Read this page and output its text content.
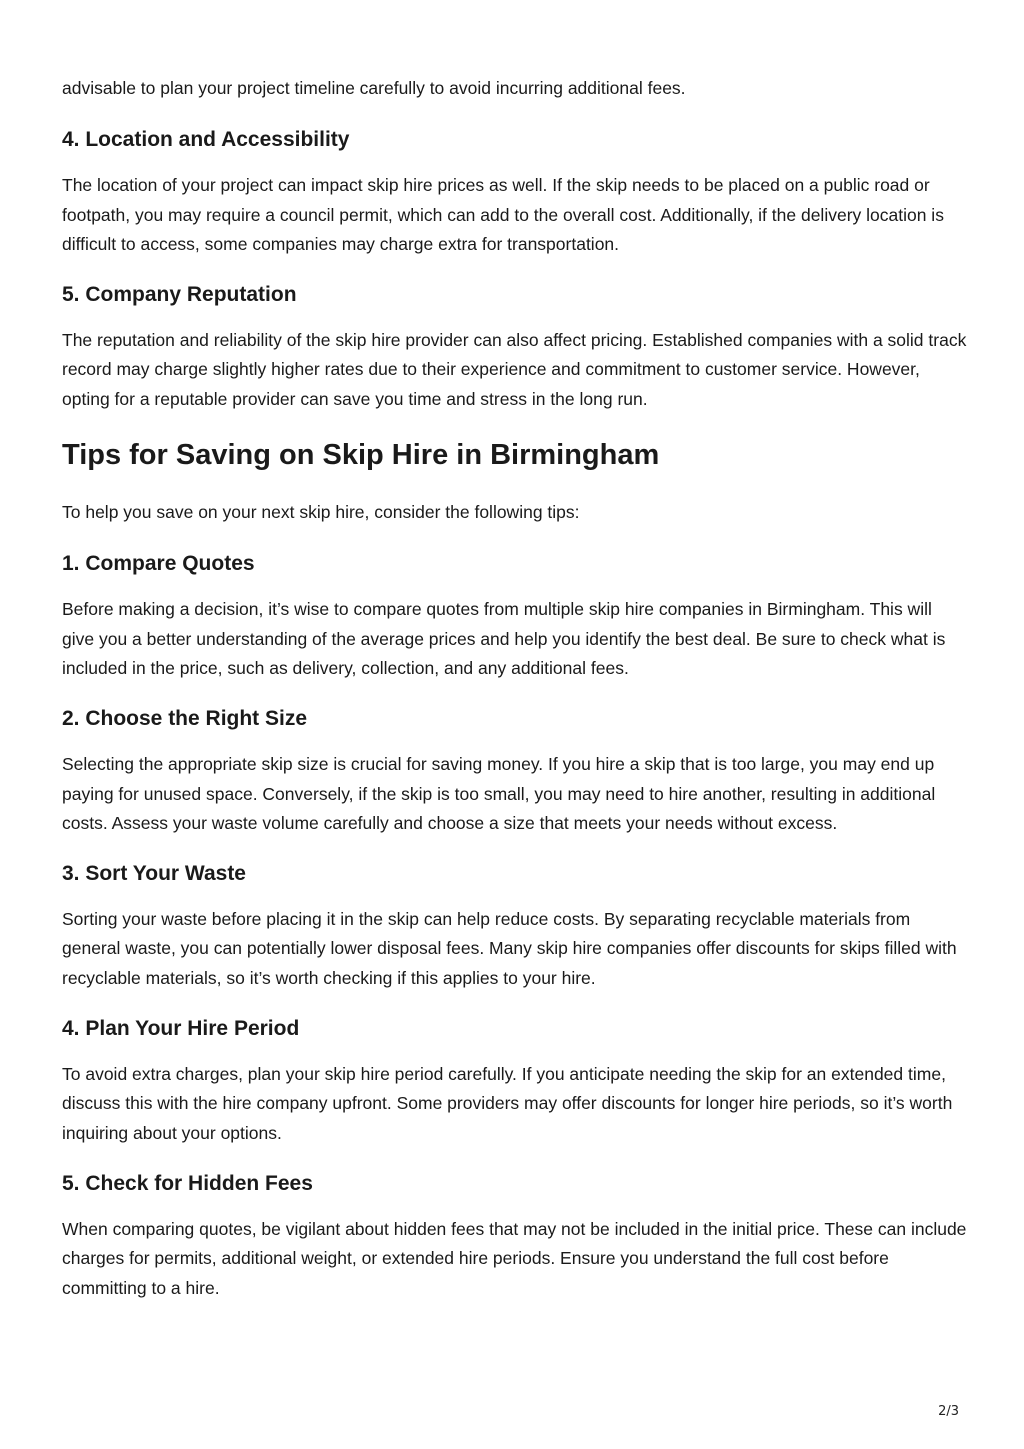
advisable to plan your project timeline carefully to avoid incurring additional fees.

4. Location and Accessibility

The location of your project can impact skip hire prices as well. If the skip needs to be placed on a public road or footpath, you may require a council permit, which can add to the overall cost. Additionally, if the delivery location is difficult to access, some companies may charge extra for transportation.

5. Company Reputation

The reputation and reliability of the skip hire provider can also affect pricing. Established companies with a solid track record may charge slightly higher rates due to their experience and commitment to customer service. However, opting for a reputable provider can save you time and stress in the long run.

Tips for Saving on Skip Hire in Birmingham

To help you save on your next skip hire, consider the following tips:

1. Compare Quotes

Before making a decision, it’s wise to compare quotes from multiple skip hire companies in Birmingham. This will give you a better understanding of the average prices and help you identify the best deal. Be sure to check what is included in the price, such as delivery, collection, and any additional fees.

2. Choose the Right Size

Selecting the appropriate skip size is crucial for saving money. If you hire a skip that is too large, you may end up paying for unused space. Conversely, if the skip is too small, you may need to hire another, resulting in additional costs. Assess your waste volume carefully and choose a size that meets your needs without excess.

3. Sort Your Waste

Sorting your waste before placing it in the skip can help reduce costs. By separating recyclable materials from general waste, you can potentially lower disposal fees. Many skip hire companies offer discounts for skips filled with recyclable materials, so it’s worth checking if this applies to your hire.

4. Plan Your Hire Period

To avoid extra charges, plan your skip hire period carefully. If you anticipate needing the skip for an extended time, discuss this with the hire company upfront. Some providers may offer discounts for longer hire periods, so it’s worth inquiring about your options.

5. Check for Hidden Fees

When comparing quotes, be vigilant about hidden fees that may not be included in the initial price. These can include charges for permits, additional weight, or extended hire periods. Ensure you understand the full cost before committing to a hire.

2/3
